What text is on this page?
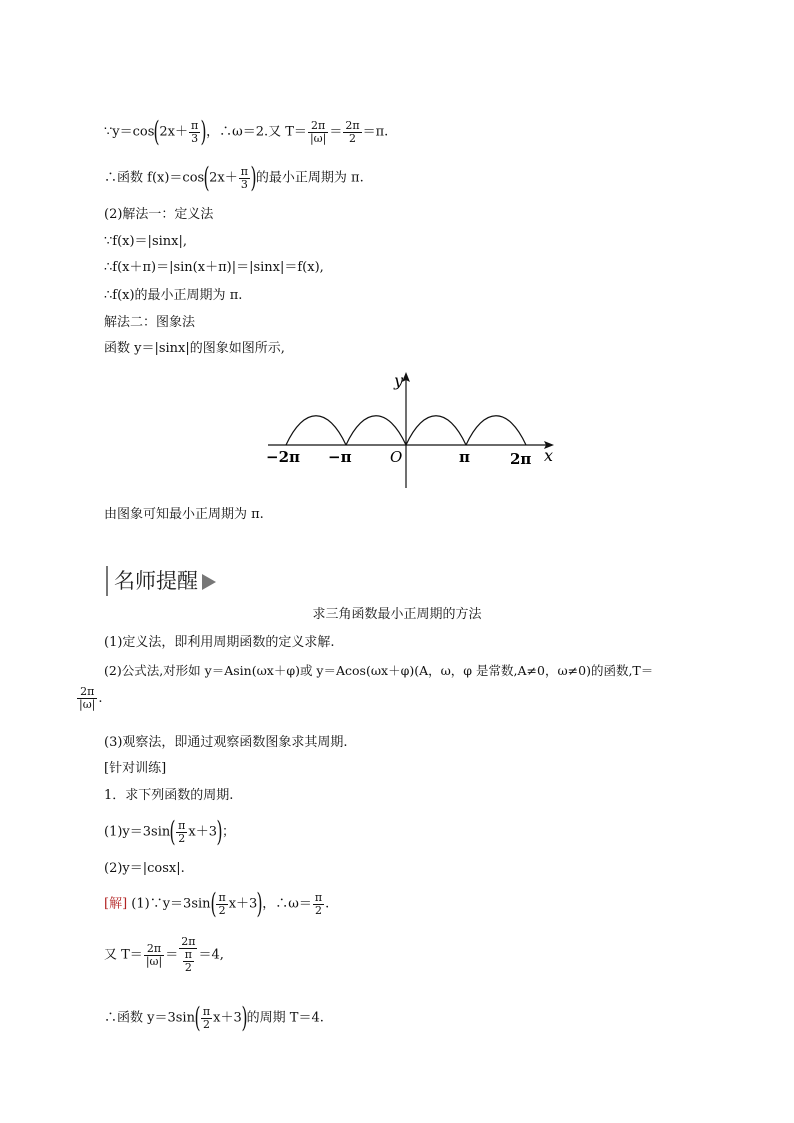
∵y＝cos(2x＋ $\frac{\pi}{3}$ )，∴ω＝2.又 $T= \frac{2\pi}{|\omega|} = \frac{2\pi}{2} =\pi$.
∴函数 $f(x)=\cos(2x+ \frac{\pi}{3}$ )的最小正周期为 π.
(2)解法一：定义法
∵f(x)＝|sinx|,
∴f(x＋π)＝|sin(x＋π)|＝|sinx|＝f(x),
∴f(x)的最小正周期为 π.
解法二：图象法
函数 y＝|sinx|的图象如图所示,
y
x
O
−2π −π	π	2π
由图象可知最小正周期为 π.
名师提醒
求三角函数最小正周期的方法
(1)定义法，即利用周期函数的定义求解.
(2)公式法,对形如 y＝Asin(ωx＋φ)或 y＝Acos(ωx＋φ)(A，ω，φ 是常数,A≠0，ω≠0)的函数,T＝
$\frac{2\pi}{|\omega|}$ .
(3)观察法，即通过观察函数图象求其周期.
[针对训练]
1．求下列函数的周期.
$(1)y=3\sin( \frac{\pi}{2} x+3)$；
(2)y＝|cosx|.
[解] (1)∵y＝3sin( $\frac{\pi}{2} x+3$)，∴ω＝ $\frac{\pi}{2}$ .
又 $T= \frac{2\pi}{|\omega|} = \frac{2\pi}{\frac{\pi}{2}} =4$,
∴函数 $y=3\sin( \frac{\pi}{2} x+3)$的周期 T＝4.
